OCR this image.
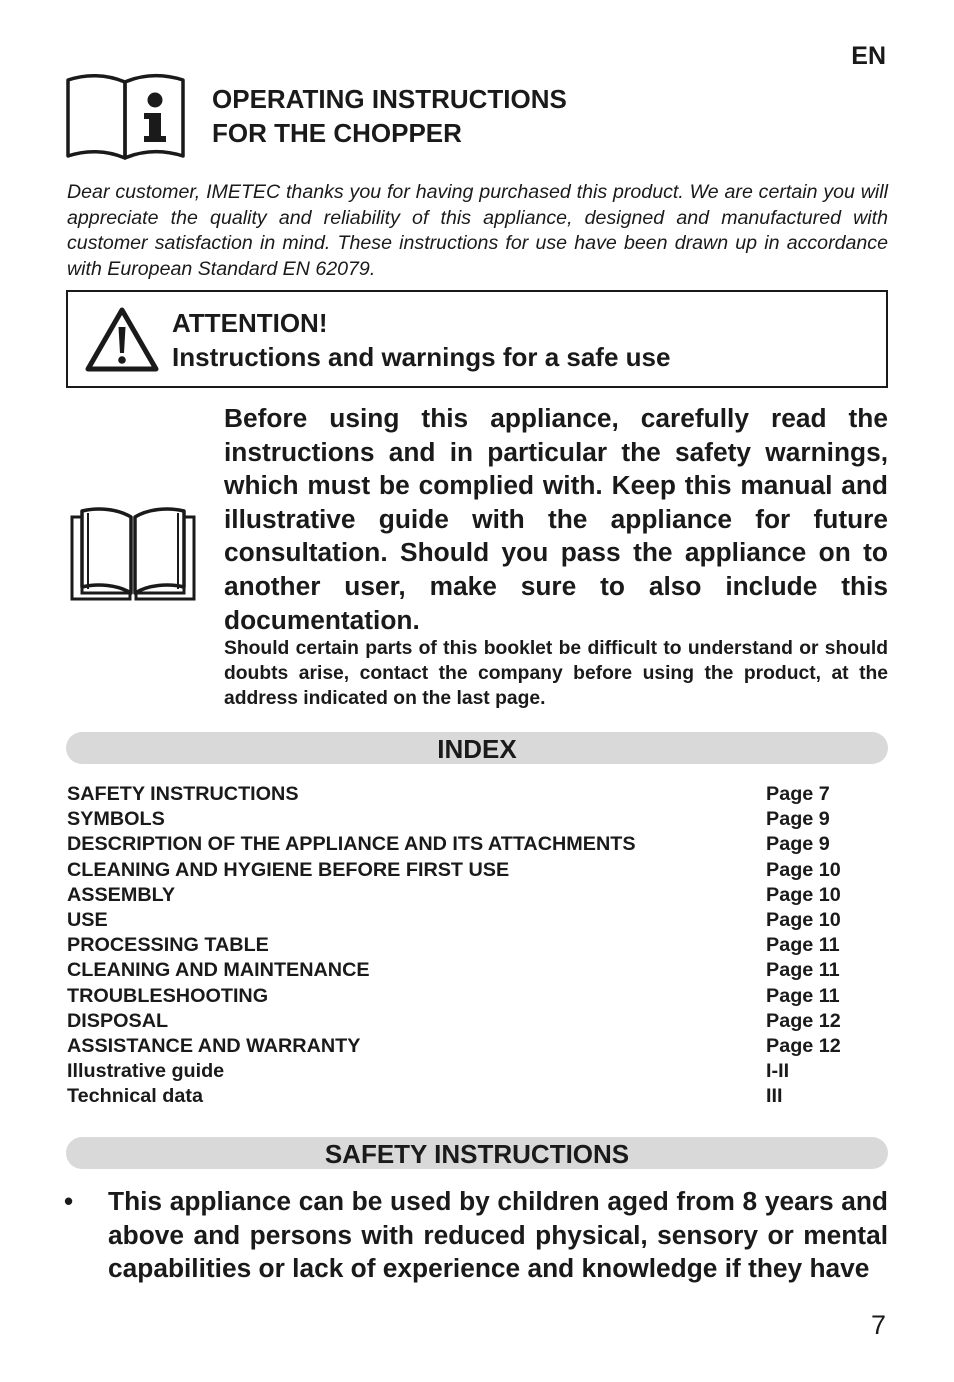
EN
OPERATING INSTRUCTIONS
FOR THE CHOPPER
Dear customer, IMETEC thanks you for having purchased this product. We are certain you will appreciate the quality and reliability of this appliance, designed and manufactured with customer satisfaction in mind. These instructions for use have been drawn up in accordance with European Standard EN 62079.
ATTENTION!
Instructions and warnings for a safe use
Before using this appliance, carefully read the instructions and in particular the safety warnings, which must be complied with. Keep this manual and illustrative guide with the appliance for future consultation. Should you pass the appliance on to another user, make sure to also include this documentation.
Should certain parts of this booklet be difficult to understand or should doubts arise, contact the company before using the product, at the address indicated on the last page.
INDEX
SAFETY INSTRUCTIONS	Page 7
SYMBOLS	Page 9
DESCRIPTION OF THE APPLIANCE AND ITS ATTACHMENTS	Page 9
CLEANING AND HYGIENE BEFORE FIRST USE	Page 10
ASSEMBLY	Page 10
USE	Page 10
PROCESSING TABLE	Page 11
CLEANING AND MAINTENANCE	Page 11
TROUBLESHOOTING	Page 11
DISPOSAL	Page 12
ASSISTANCE AND WARRANTY	Page 12
Illustrative guide	I-II
Technical data	III
SAFETY INSTRUCTIONS
• This appliance can be used by children aged from 8 years and above and persons with reduced physical, sensory or mental capabilities or lack of experience and knowledge if they have
7
